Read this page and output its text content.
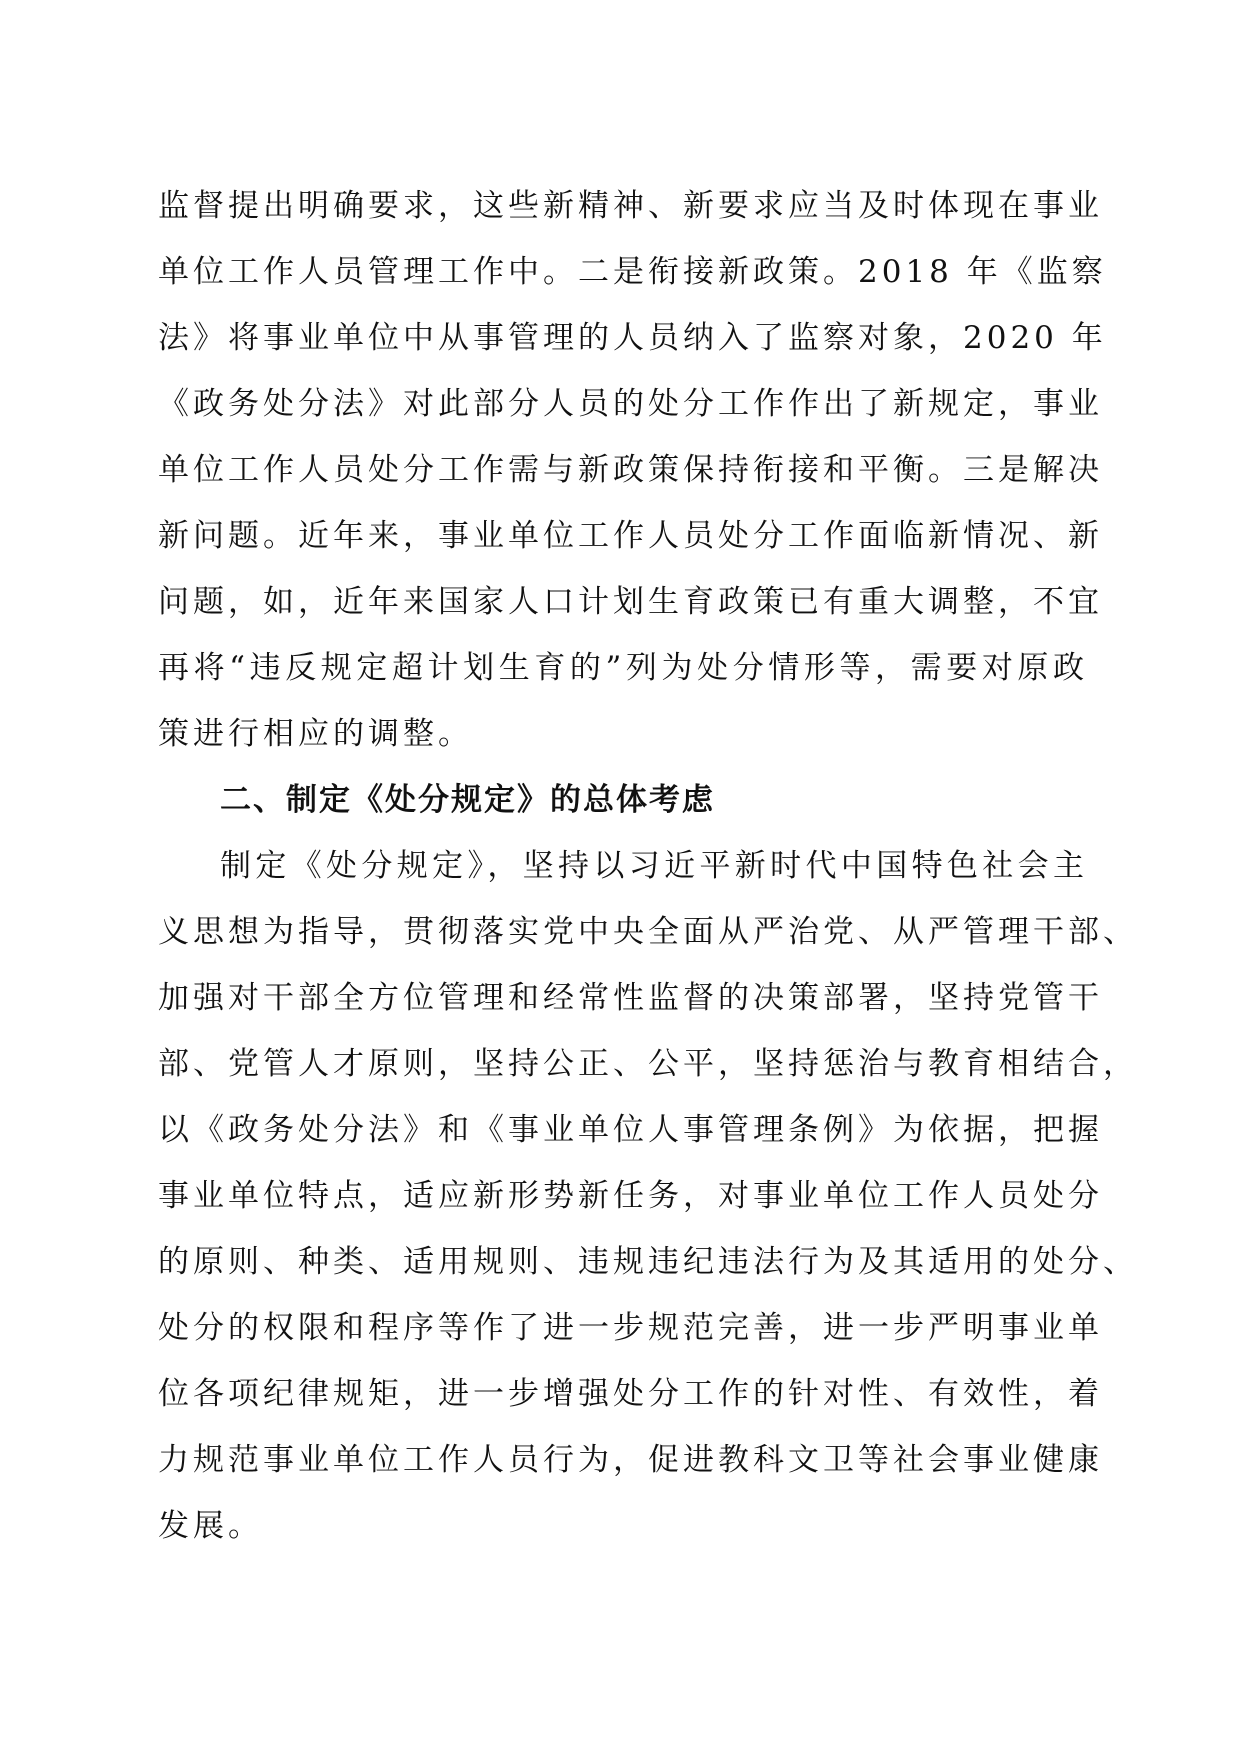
监督提出明确要求，这些新精神、新要求应当及时体现在事业
单位工作人员管理工作中。二是衔接新政策。2018 年《监察
法》将事业单位中从事管理的人员纳入了监察对象，2020 年
《政务处分法》对此部分人员的处分工作作出了新规定，事业
单位工作人员处分工作需与新政策保持衔接和平衡。三是解决
新问题。近年来，事业单位工作人员处分工作面临新情况、新
问题，如，近年来国家人口计划生育政策已有重大调整，不宜
再将“违反规定超计划生育的”列为处分情形等，需要对原政
策进行相应的调整。
二、制定《处分规定》的总体考虑
制定《处分规定》，坚持以习近平新时代中国特色社会主
义思想为指导，贯彻落实党中央全面从严治党、从严管理干部、
加强对干部全方位管理和经常性监督的决策部署，坚持党管干
部、党管人才原则，坚持公正、公平，坚持惩治与教育相结合，
以《政务处分法》和《事业单位人事管理条例》为依据，把握
事业单位特点，适应新形势新任务，对事业单位工作人员处分
的原则、种类、适用规则、违规违纪违法行为及其适用的处分、
处分的权限和程序等作了进一步规范完善，进一步严明事业单
位各项纪律规矩，进一步增强处分工作的针对性、有效性，着
力规范事业单位工作人员行为，促进教科文卫等社会事业健康
发展。
